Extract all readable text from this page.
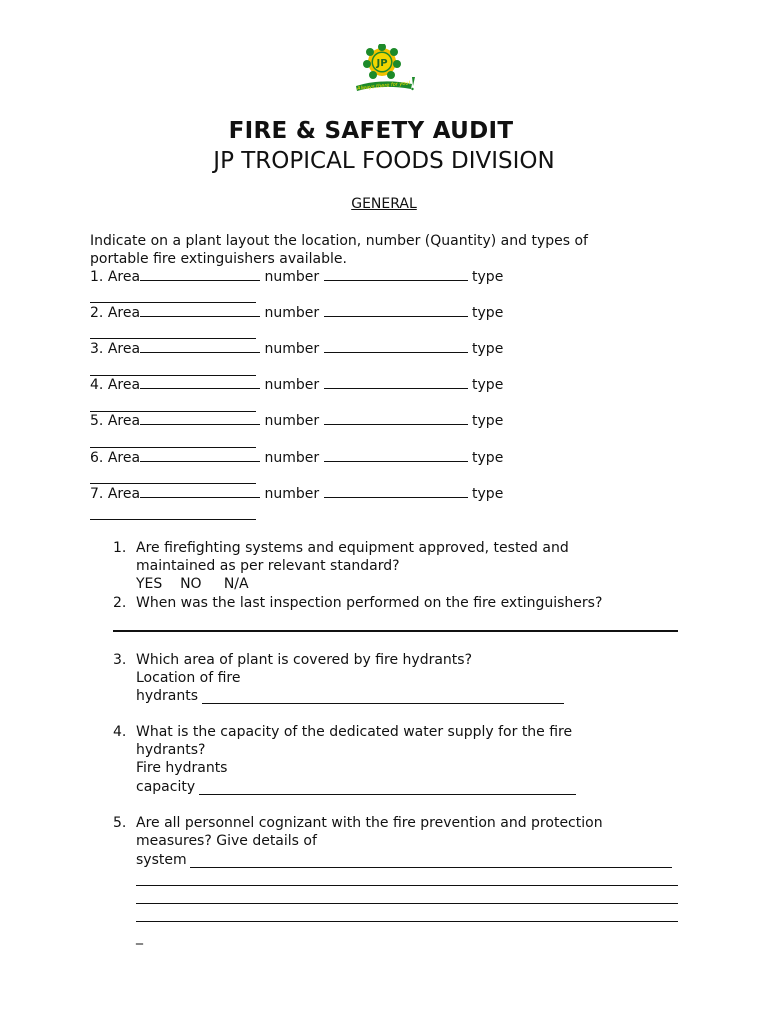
JP
Always there for you!
FIRE & SAFETY AUDIT
JP TROPICAL FOODS DIVISION
GENERAL
Indicate on a plant layout the location, number (Quantity) and types of
portable fire extinguishers available.
1. Area	number	type
2. Area	number	type
3. Area	number	type
4. Area	number	type
5. Area	number	type
6. Area	number	type
7. Area	number	type
1. Are firefighting systems and equipment approved, tested and
maintained as per relevant standard?
YES    NO     N/A
2. When was the last inspection performed on the fire extinguishers?
3. Which area of plant is covered by fire hydrants?
Location of fire
hydrants
4. What is the capacity of the dedicated water supply for the fire
hydrants?
Fire hydrants
capacity
5. Are all personnel cognizant with the fire prevention and protection
measures? Give details of
system
_
